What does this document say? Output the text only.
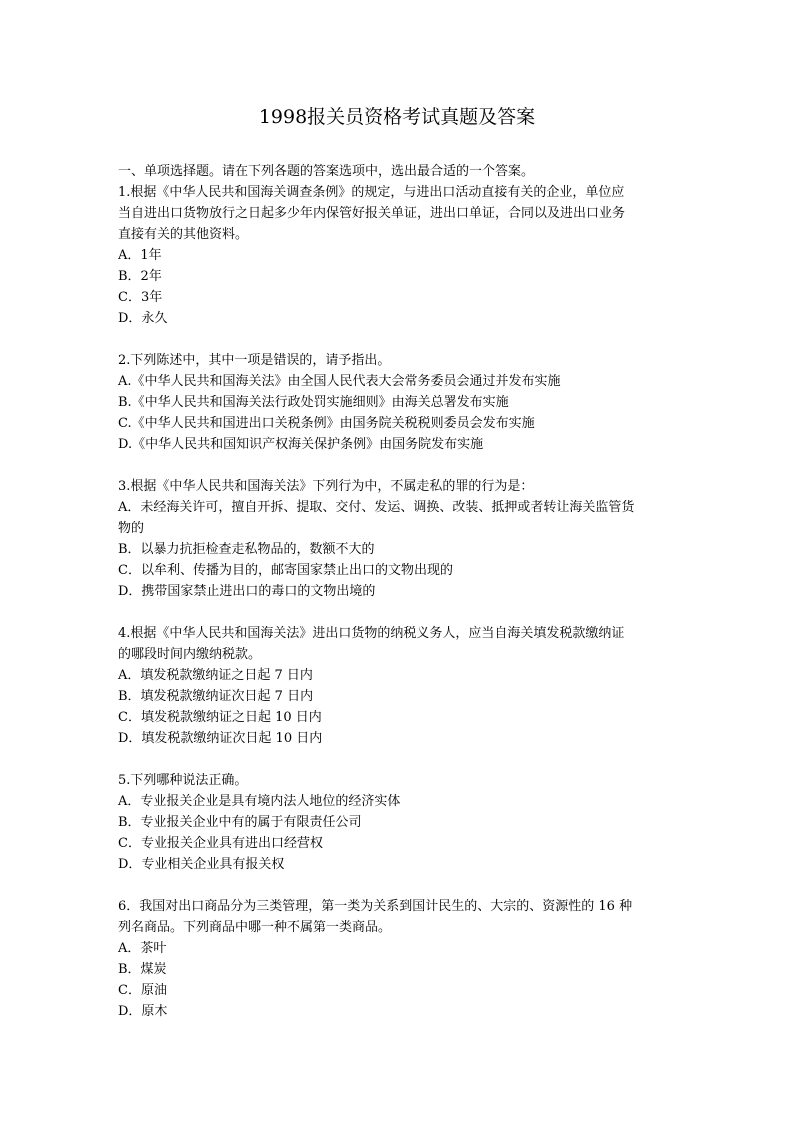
1998报关员资格考试真题及答案
一、单项选择题。请在下列各题的答案选项中，选出最合适的一个答案。
1.根据《中华人民共和国海关调查条例》的规定，与进出口活动直接有关的企业，单位应
当自进出口货物放行之日起多少年内保管好报关单证，进出口单证，合同以及进出口业务
直接有关的其他资料。
A．1年
B．2年
C．3年
D．永久
2.下列陈述中，其中一项是错误的，请予指出。
A.《中华人民共和国海关法》由全国人民代表大会常务委员会通过并发布实施
B.《中华人民共和国海关法行政处罚实施细则》由海关总署发布实施
C.《中华人民共和国进出口关税条例》由国务院关税税则委员会发布实施
D.《中华人民共和国知识产权海关保护条例》由国务院发布实施
3.根据《中华人民共和国海关法》下列行为中，不属走私的罪的行为是：
A．未经海关许可，擅自开拆、提取、交付、发运、调换、改装、抵押或者转让海关监管货
物的
B．以暴力抗拒检查走私物品的，数额不大的
C．以牟利、传播为目的，邮寄国家禁止出口的文物出现的
D．携带国家禁止进出口的毒口的文物出境的
4.根据《中华人民共和国海关法》进出口货物的纳税义务人，应当自海关填发税款缴纳证
的哪段时间内缴纳税款。
A．填发税款缴纳证之日起 7 日内
B．填发税款缴纳证次日起 7 日内
C．填发税款缴纳证之日起 10 日内
D．填发税款缴纳证次日起 10 日内
5.下列哪种说法正确。
A．专业报关企业是具有境内法人地位的经济实体
B．专业报关企业中有的属于有限责任公司
C．专业报关企业具有进出口经营权
D．专业相关企业具有报关权
6．我国对出口商品分为三类管理，第一类为关系到国计民生的、大宗的、资源性的 16 种
列名商品。下列商品中哪一种不属第一类商品。
A．茶叶
B．煤炭
C．原油
D．原木
